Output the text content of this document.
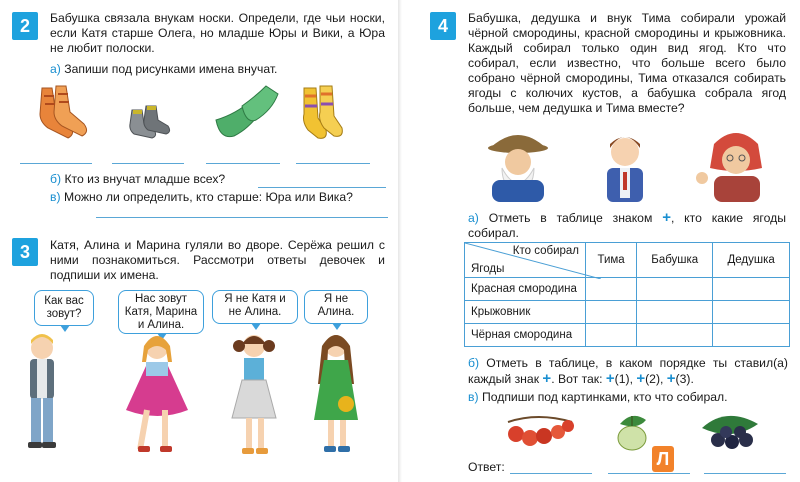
2	Бабушка связала внукам носки. Определи, где чьи носки, если Катя старше Олега, но младше Юры и Вики, а Юра не любит полоски.
а) Запиши под рисунками имена внучат.
б) Кто из внучат младше всех?
в) Можно ли определить, кто старше: Юра или Вика?
3	Катя, Алина и Марина гуляли во дворе. Серёжа решил с ними познакомиться. Рассмотри ответы девочек и подпиши их имена.
Как вас зовут?
Нас зовут Катя, Марина и Алина.
Я не Катя и не Алина.
Я не Алина.
4	Бабушка, дедушка и внук Тима собирали урожай чёрной смородины, красной смородины и крыжовника. Каждый собирал только один вид ягод. Кто что собирал, если известно, что больше всего было собрано чёрной смородины, Тима отказался собирать ягоды с колючих кустов, а бабушка собрала ягод больше, чем дедушка и Тима вместе?
а) Отметь в таблице знаком +, кто какие ягоды собирал.
Кто собирал
Ягоды	Тима	Бабушка	Дедушка
Красная смородина			
Крыжовник			
Чёрная смородина			
б) Отметь в таблице, в каком порядке ты ставил(а) каждый знак +. Вот так: +(1), +(2), +(3).
в) Подпиши под картинками, кто что собирал.
Ответ:	Л
